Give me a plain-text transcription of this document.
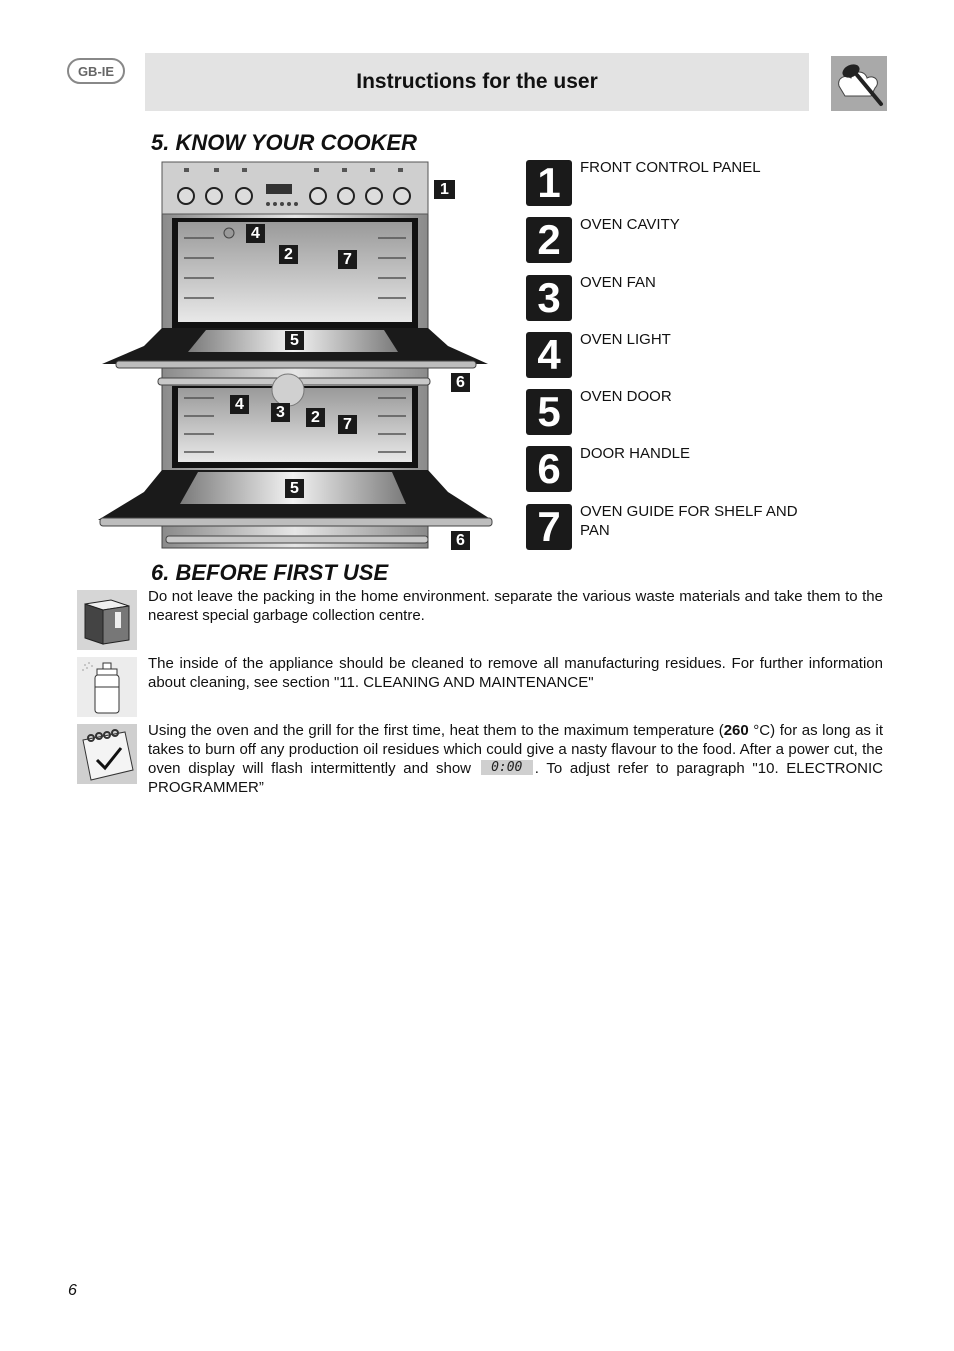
GB-IE	Instructions for the user
5. KNOW YOUR COOKER
1
4
2	7
5
6
4	3	2	7
5
6
1	FRONT CONTROL PANEL
2	OVEN CAVITY
3	OVEN FAN
4	OVEN LIGHT
5	OVEN DOOR
6	DOOR HANDLE
7	OVEN GUIDE FOR SHELF AND PAN
6. BEFORE FIRST USE
Do not leave the packing in the home environment. separate the various waste materials and take them to the nearest special garbage collection centre.
The inside of the appliance should be cleaned to remove all manufacturing residues. For further information about cleaning, see section "11. CLEANING AND MAINTENANCE"
Using the oven and the grill for the first time, heat them to the maximum temperature (260 °C) for as long as it takes to burn off any production oil residues which could give a nasty flavour to the food. After a power cut, the oven display will flash intermittently and show 0:00 . To adjust refer to paragraph "10. ELECTRONIC PROGRAMMER”
6
